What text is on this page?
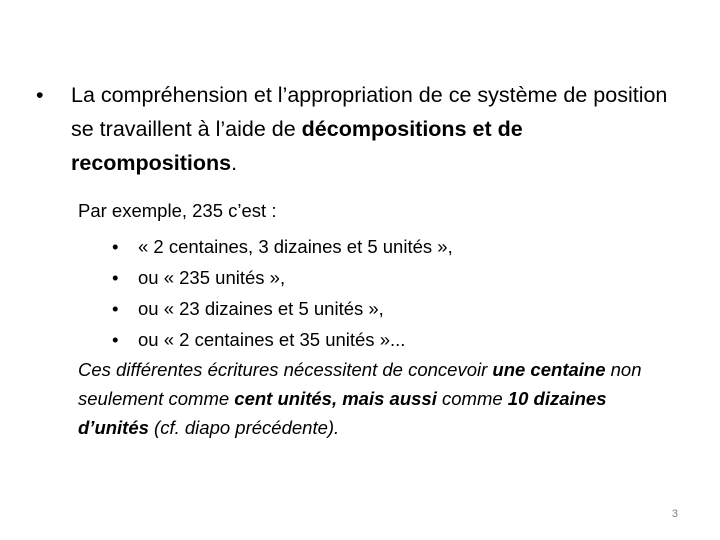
• La compréhension et l’appropriation de ce système de position se travaillent à l’aide de décompositions et de recompositions.
Par exemple, 235 c’est :
• « 2 centaines, 3 dizaines et 5 unités »,
• ou « 235 unités »,
• ou « 23 dizaines et 5 unités »,
• ou « 2 centaines et 35 unités »...
Ces différentes écritures nécessitent de concevoir une centaine non seulement comme cent unités, mais aussi comme 10 dizaines d’unités (cf. diapo précédente).
3
